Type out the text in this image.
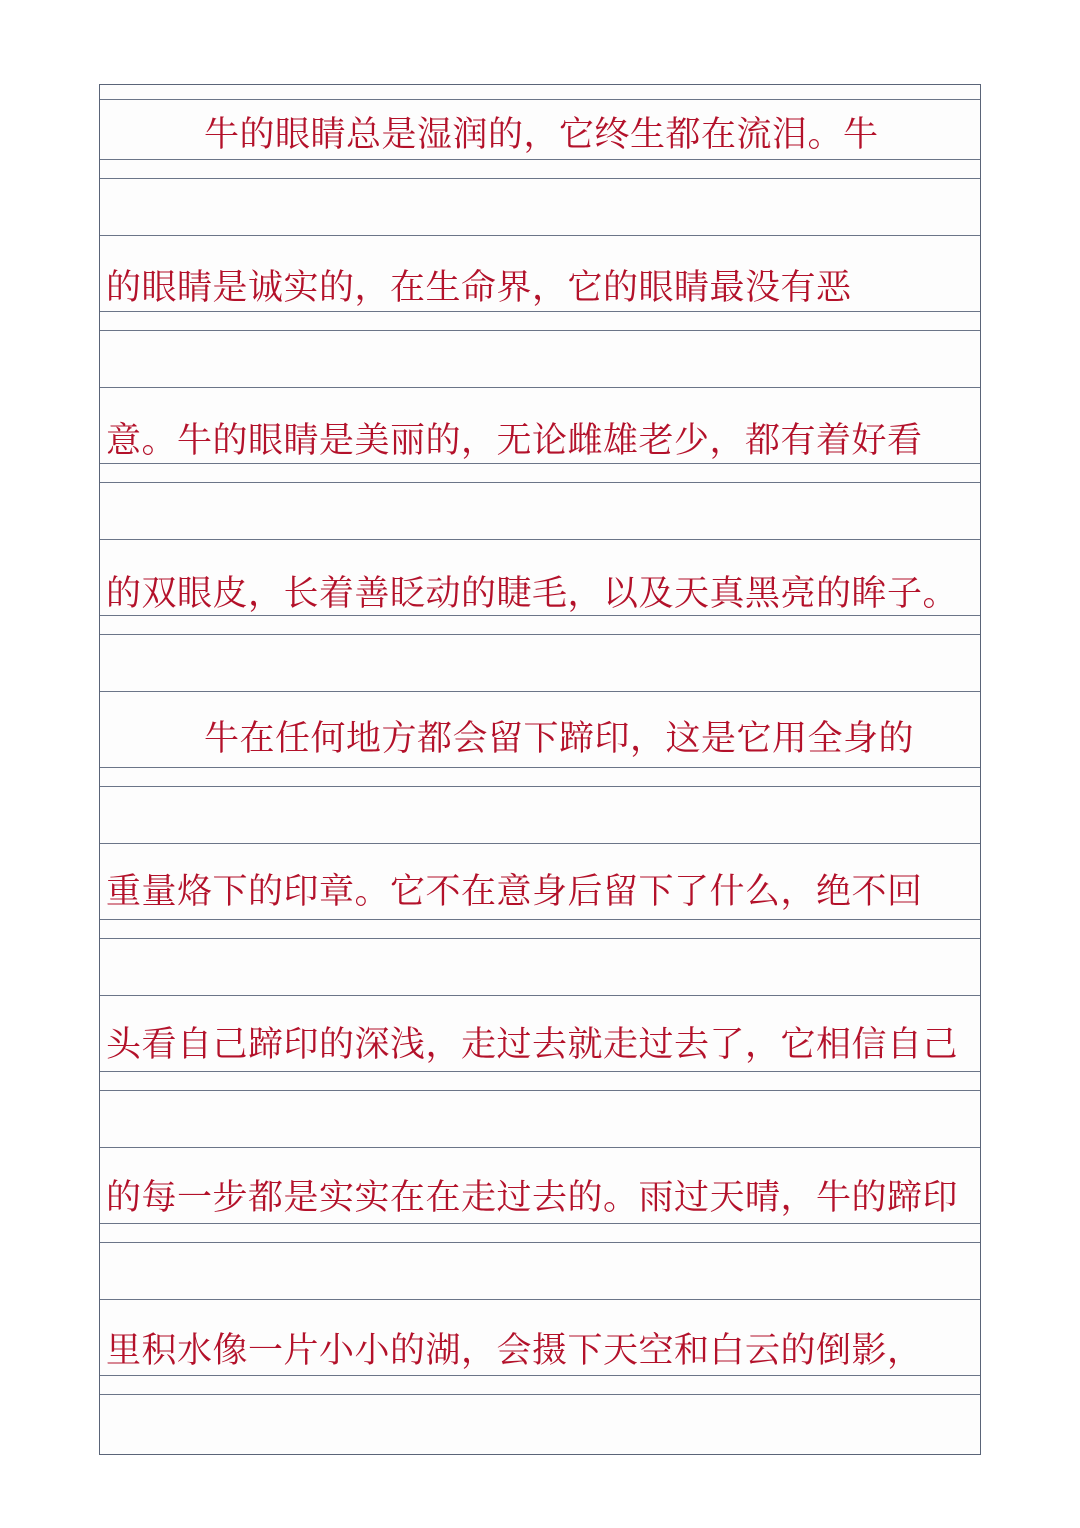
牛的眼睛总是湿润的，它终生都在流泪。牛
的眼睛是诚实的，在生命界，它的眼睛最没有恶
意。牛的眼睛是美丽的，无论雌雄老少，都有着好看
的双眼皮，长着善眨动的睫毛，以及天真黑亮的眸子。
牛在任何地方都会留下蹄印，这是它用全身的
重量烙下的印章。它不在意身后留下了什么，绝不回
头看自己蹄印的深浅，走过去就走过去了，它相信自己
的每一步都是实实在在走过去的。雨过天晴，牛的蹄印
里积水像一片小小的湖，会摄下天空和白云的倒影，
